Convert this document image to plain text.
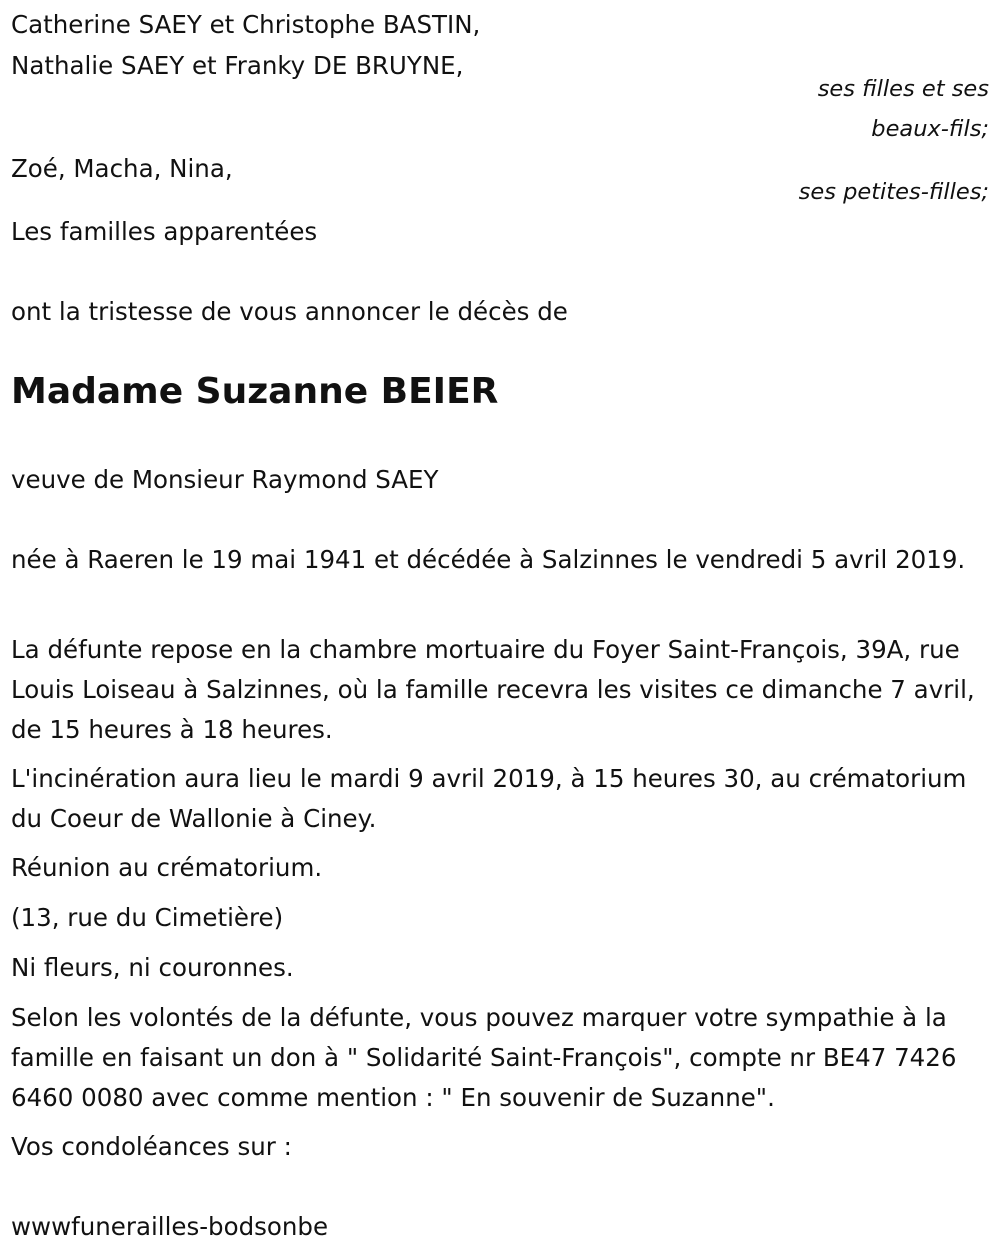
Catherine SAEY et Christophe BASTIN,

Nathalie SAEY et Franky DE BRUYNE,

ses filles et ses

beaux-fils;

Zoé, Macha, Nina,

ses petites-filles;

Les familles apparentées

ont la tristesse de vous annoncer le décès de

Madame Suzanne BEIER

veuve de Monsieur Raymond SAEY

née à Raeren le 19 mai 1941 et décédée à Salzinnes le vendredi 5 avril 2019.

La défunte repose en la chambre mortuaire du Foyer Saint-François, 39A, rue Louis Loiseau à Salzinnes, où la famille recevra les visites ce dimanche 7 avril, de 15 heures à 18 heures.

L'incinération aura lieu le mardi 9 avril 2019, à 15 heures 30, au crématorium du Coeur de Wallonie à Ciney.

Réunion au crématorium.

(13, rue du Cimetière)

Ni fleurs, ni couronnes.

Selon les volontés de la défunte, vous pouvez marquer votre sympathie à la famille en faisant un don à " Solidarité Saint-François", compte nr BE47 7426 6460 0080 avec comme mention : " En souvenir de Suzanne".

Vos condoléances sur :

wwwfunerailles-bodsonbe
